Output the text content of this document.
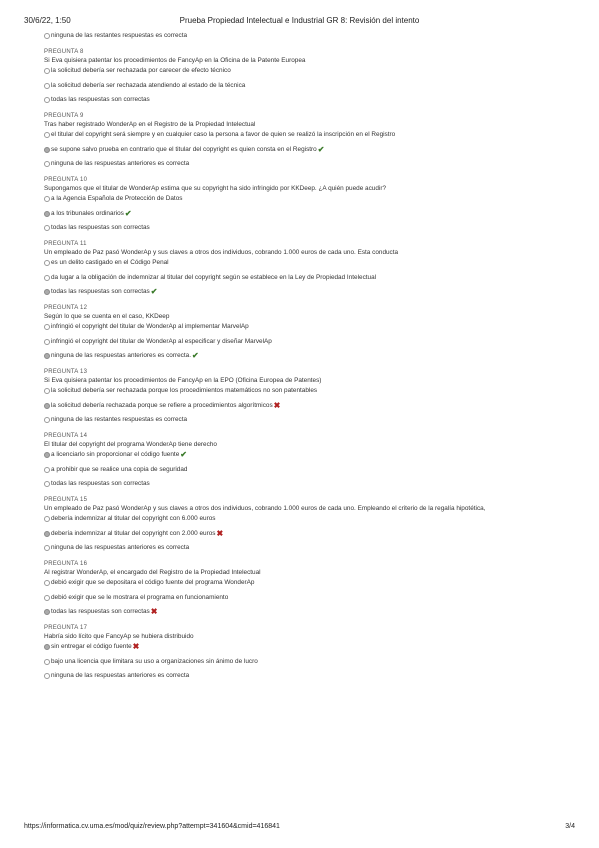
30/6/22, 1:50	Prueba Propiedad Intelectual e Industrial GR 8: Revisión del intento
ninguna de las restantes respuestas es correcta
PREGUNTA 8
Si Eva quisiera patentar los procedimientos de FancyAp en la Oficina de la Patente Europea
la solicitud debería ser rechazada por carecer de efecto técnico
la solicitud debería ser rechazada atendiendo al estado de la técnica
todas las respuestas son correctas
PREGUNTA 9
Tras haber registrado WonderAp en el Registro de la Propiedad Intelectual
el titular del copyright será siempre y en cualquier caso la persona a favor de quien se realizó la inscripción en el Registro
se supone salvo prueba en contrario que el titular del copyright es quien consta en el Registro ✔
ninguna de las respuestas anteriores es correcta
PREGUNTA 10
Supongamos que el titular de WonderAp estima que su copyright ha sido infringido por KKDeep. ¿A quién puede acudir?
a la Agencia Española de Protección de Datos
a los tribunales ordinarios ✔
todas las respuestas son correctas
PREGUNTA 11
Un empleado de Paz pasó WonderAp y sus claves a otros dos individuos, cobrando 1.000 euros de cada uno. Esta conducta
es un delito castigado en el Código Penal
da lugar a la obligación de indemnizar al titular del copyright según se establece en la Ley de Propiedad Intelectual
todas las respuestas son correctas ✔
PREGUNTA 12
Según lo que se cuenta en el caso, KKDeep
infringió el copyright del titular de WonderAp al implementar MarvelAp
infringió el copyright del titular de WonderAp al especificar y diseñar MarvelAp
ninguna de las respuestas anteriores es correcta. ✔
PREGUNTA 13
Si Eva quisiera patentar los procedimientos de FancyAp en la EPO (Oficina Europea de Patentes)
la solicitud debería ser rechazada porque los procedimientos matemáticos no son patentables
la solicitud debería rechazada porque se refiere a procedimientos algorítmicos ✖
ninguna de las restantes respuestas es correcta
PREGUNTA 14
El titular del copyright del programa WonderAp tiene derecho
a licenciarlo sin proporcionar el código fuente ✔
a prohibir que se realice una copia de seguridad
todas las respuestas son correctas
PREGUNTA 15
Un empleado de Paz pasó WonderAp y sus claves a otros dos individuos, cobrando 1.000 euros de cada uno. Empleando el criterio de la regalía hipotética,
debería indemnizar al titular del copyright con 6.000 euros
debería indemnizar al titular del copyright con 2.000 euros ✖
ninguna de las respuestas anteriores es correcta
PREGUNTA 16
Al registrar WonderAp, el encargado del Registro de la Propiedad Intelectual
debió exigir que se depositara el código fuente del programa WonderAp
debió exigir que se le mostrara el programa en funcionamiento
todas las respuestas son correctas ✖
PREGUNTA 17
Habría sido lícito que FancyAp se hubiera distribuido
sin entregar el código fuente ✖
bajo una licencia que limitara su uso a organizaciones sin ánimo de lucro
ninguna de las respuestas anteriores es correcta
https://informatica.cv.uma.es/mod/quiz/review.php?attempt=341604&cmid=416841	3/4
